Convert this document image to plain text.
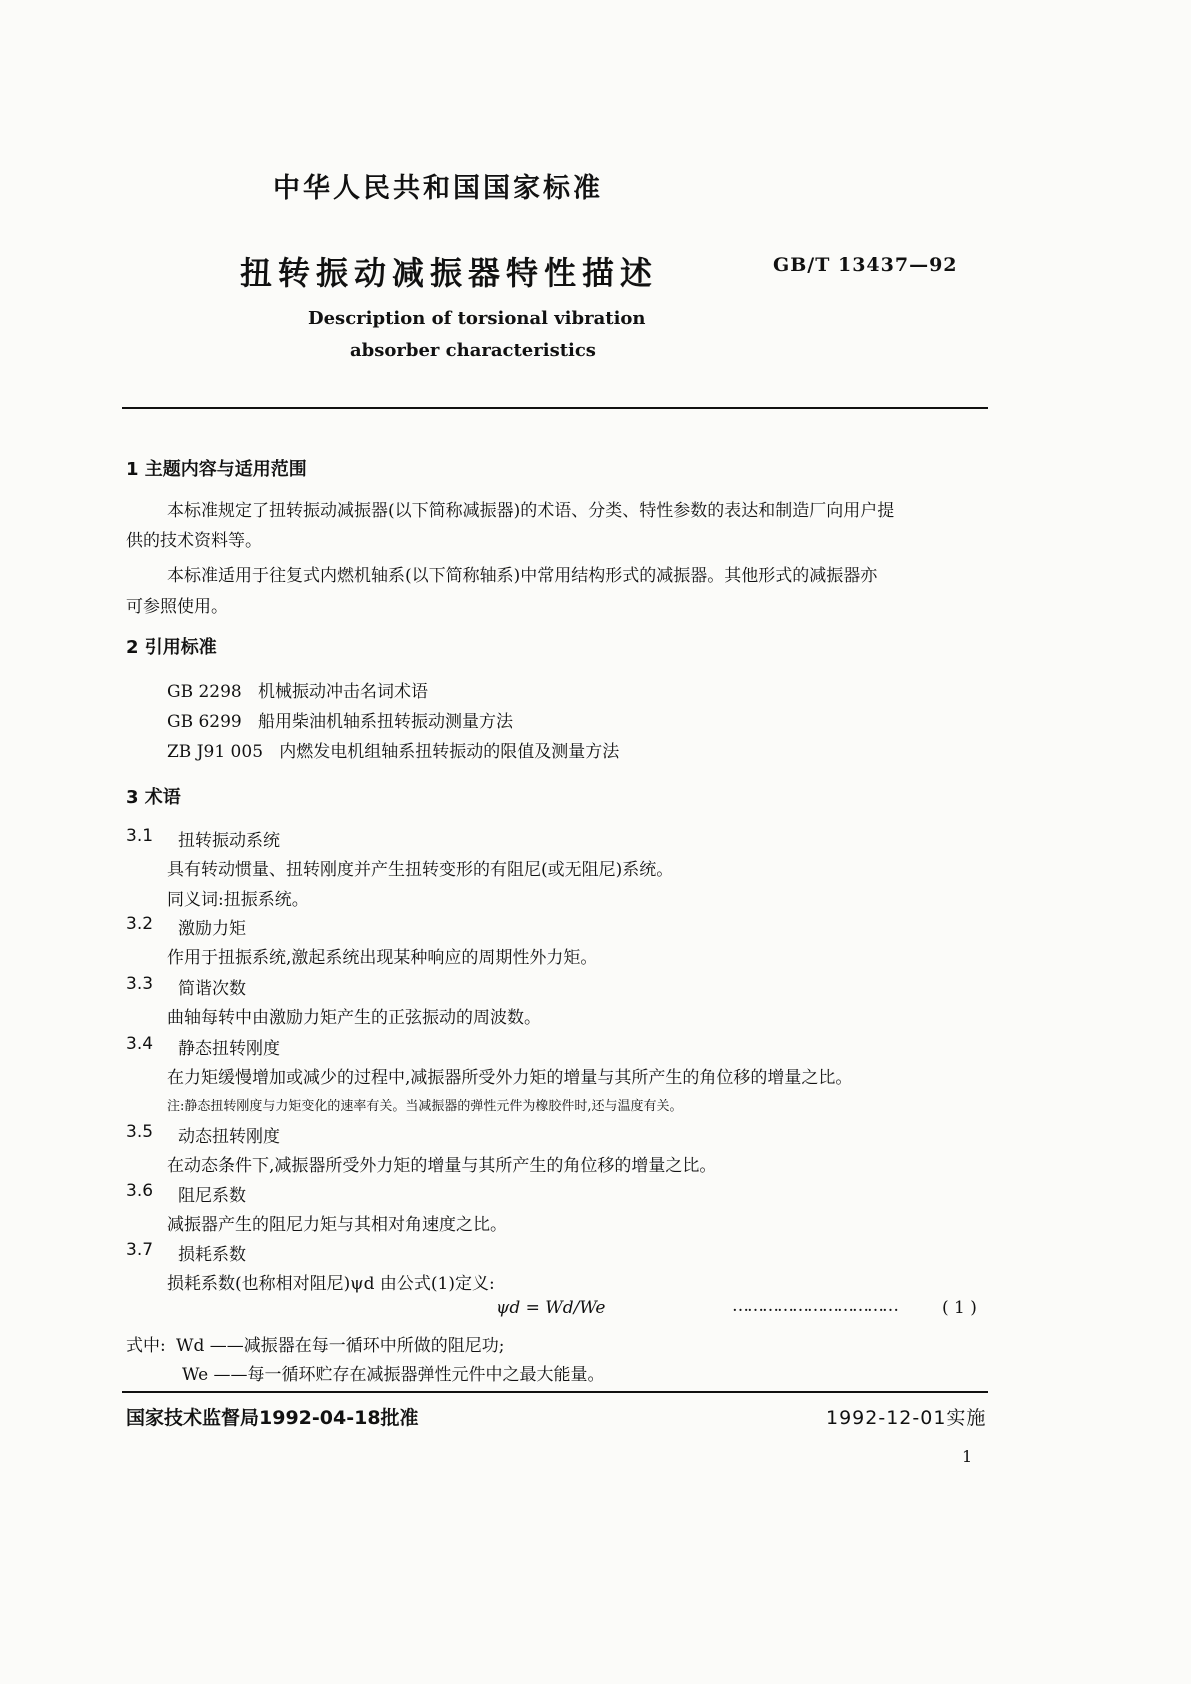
中华人民共和国国家标准
扭转振动减振器特性描述	GB/T 13437—92
Description of torsional vibration
absorber characteristics
1 主题内容与适用范围
本标准规定了扭转振动减振器(以下简称减振器)的术语、分类、特性参数的表达和制造厂向用户提
供的技术资料等。
本标准适用于往复式内燃机轴系(以下简称轴系)中常用结构形式的减振器。其他形式的减振器亦
可参照使用。
2 引用标准
GB 2298 机械振动冲击名词术语
GB 6299 船用柴油机轴系扭转振动测量方法
ZB J91 005 内燃发电机组轴系扭转振动的限值及测量方法
3 术语
3.1 扭转振动系统
具有转动惯量、扭转刚度并产生扭转变形的有阻尼(或无阻尼)系统。
同义词:扭振系统。
3.2 激励力矩
作用于扭振系统,激起系统出现某种响应的周期性外力矩。
3.3 简谐次数
曲轴每转中由激励力矩产生的正弦振动的周波数。
3.4 静态扭转刚度
在力矩缓慢增加或减少的过程中,减振器所受外力矩的增量与其所产生的角位移的增量之比。
注:静态扭转刚度与力矩变化的速率有关。当减振器的弹性元件为橡胶件时,还与温度有关。
3.5 动态扭转刚度
在动态条件下,减振器所受外力矩的增量与其所产生的角位移的增量之比。
3.6 阻尼系数
减振器产生的阻尼力矩与其相对角速度之比。
3.7 损耗系数
损耗系数(也称相对阻尼)ψd 由公式(1)定义:
ψd = Wd/We	……………………………	( 1 )
式中: Wd ——减振器在每一循环中所做的阻尼功;
We ——每一循环贮存在减振器弹性元件中之最大能量。
国家技术监督局1992-04-18批准	1992-12-01实施
1
